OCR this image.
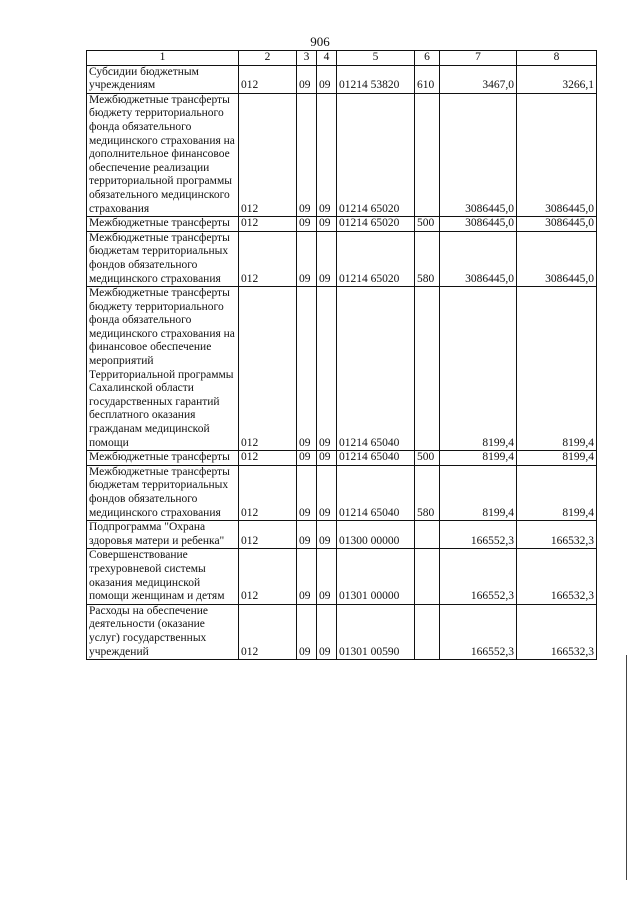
906
1	2	3	4	5	6	7	8
Субсидии бюджетным учреждениям	012	09	09	01214 53820	610	3467,0	3266,1
Межбюджетные трансферты бюджету территориального фонда обязательного медицинского страхования на дополнительное финансовое обеспечение реализации территориальной программы обязательного медицинского страхования	012	09	09	01214 65020		3086445,0	3086445,0
Межбюджетные трансферты	012	09	09	01214 65020	500	3086445,0	3086445,0
Межбюджетные трансферты бюджетам территориальных фондов обязательного медицинского страхования	012	09	09	01214 65020	580	3086445,0	3086445,0
Межбюджетные трансферты бюджету территориального фонда обязательного медицинского страхования на финансовое обеспечение мероприятий Территориальной программы Сахалинской области государственных гарантий бесплатного оказания гражданам медицинской помощи	012	09	09	01214 65040		8199,4	8199,4
Межбюджетные трансферты	012	09	09	01214 65040	500	8199,4	8199,4
Межбюджетные трансферты бюджетам территориальных фондов обязательного медицинского страхования	012	09	09	01214 65040	580	8199,4	8199,4
Подпрограмма "Охрана здоровья матери и ребенка"	012	09	09	01300 00000		166552,3	166532,3
Совершенствование трехуровневой системы оказания медицинской помощи женщинам и детям	012	09	09	01301 00000		166552,3	166532,3
Расходы на обеспечение деятельности (оказание услуг) государственных учреждений	012	09	09	01301 00590		166552,3	166532,3
